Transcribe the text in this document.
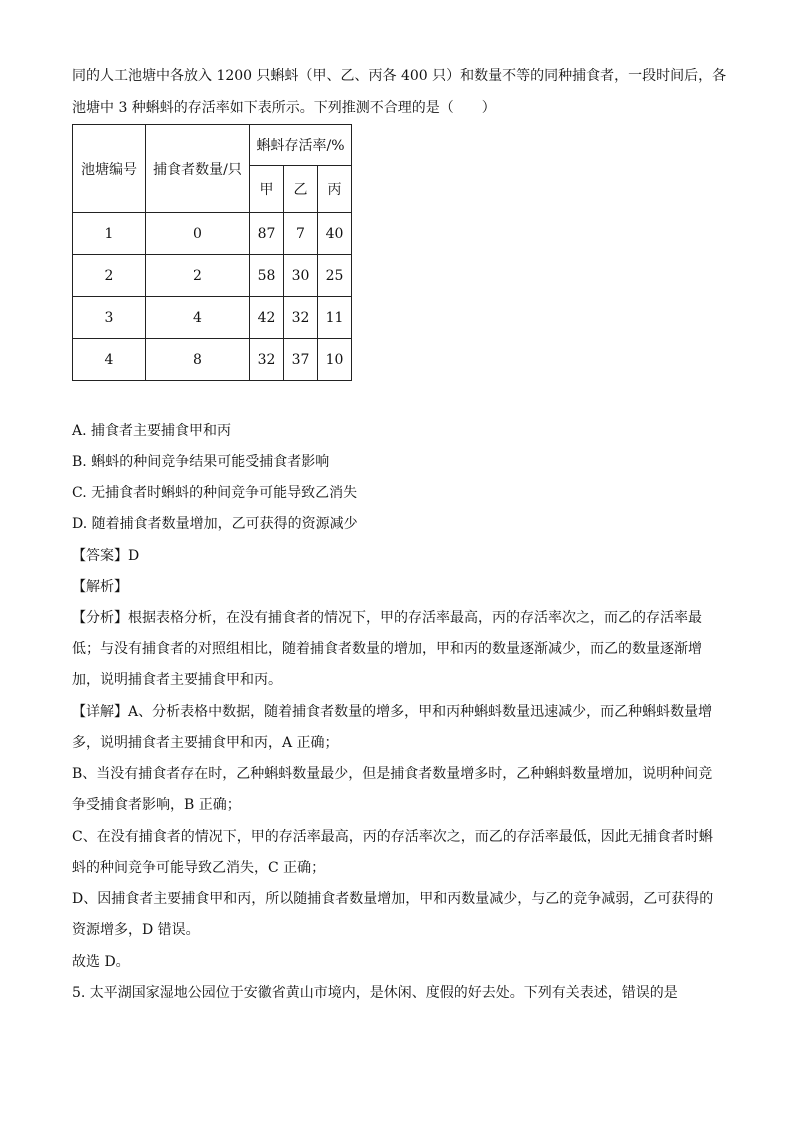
同的人工池塘中各放入 1200 只蝌蚪（甲、乙、丙各 400 只）和数量不等的同种捕食者，一段时间后，各
池塘中 3 种蝌蚪的存活率如下表所示。下列推测不合理的是（　　）
池塘编号	捕食者数量/只	蝌蚪存活率/%		
		甲	乙	丙
1	0	87	7	40
2	2	58	30	25
3	4	42	32	11
4	8	32	37	10
A. 捕食者主要捕食甲和丙
B. 蝌蚪的种间竞争结果可能受捕食者影响
C. 无捕食者时蝌蚪的种间竞争可能导致乙消失
D. 随着捕食者数量增加，乙可获得的资源减少
【答案】D
【解析】
【分析】根据表格分析，在没有捕食者的情况下，甲的存活率最高，丙的存活率次之，而乙的存活率最
低；与没有捕食者的对照组相比，随着捕食者数量的增加，甲和丙的数量逐渐减少，而乙的数量逐渐增
加，说明捕食者主要捕食甲和丙。
【详解】A、分析表格中数据，随着捕食者数量的增多，甲和丙种蝌蚪数量迅速减少，而乙种蝌蚪数量增
多，说明捕食者主要捕食甲和丙，A 正确；
B、当没有捕食者存在时，乙种蝌蚪数量最少，但是捕食者数量增多时，乙种蝌蚪数量增加，说明种间竞
争受捕食者影响，B 正确；
C、在没有捕食者的情况下，甲的存活率最高，丙的存活率次之，而乙的存活率最低，因此无捕食者时蝌
蚪的种间竞争可能导致乙消失，C 正确；
D、因捕食者主要捕食甲和丙，所以随捕食者数量增加，甲和丙数量减少，与乙的竞争减弱，乙可获得的
资源增多，D 错误。
故选 D。
5. 太平湖国家湿地公园位于安徽省黄山市境内，是休闲、度假的好去处。下列有关表述，错误的是
